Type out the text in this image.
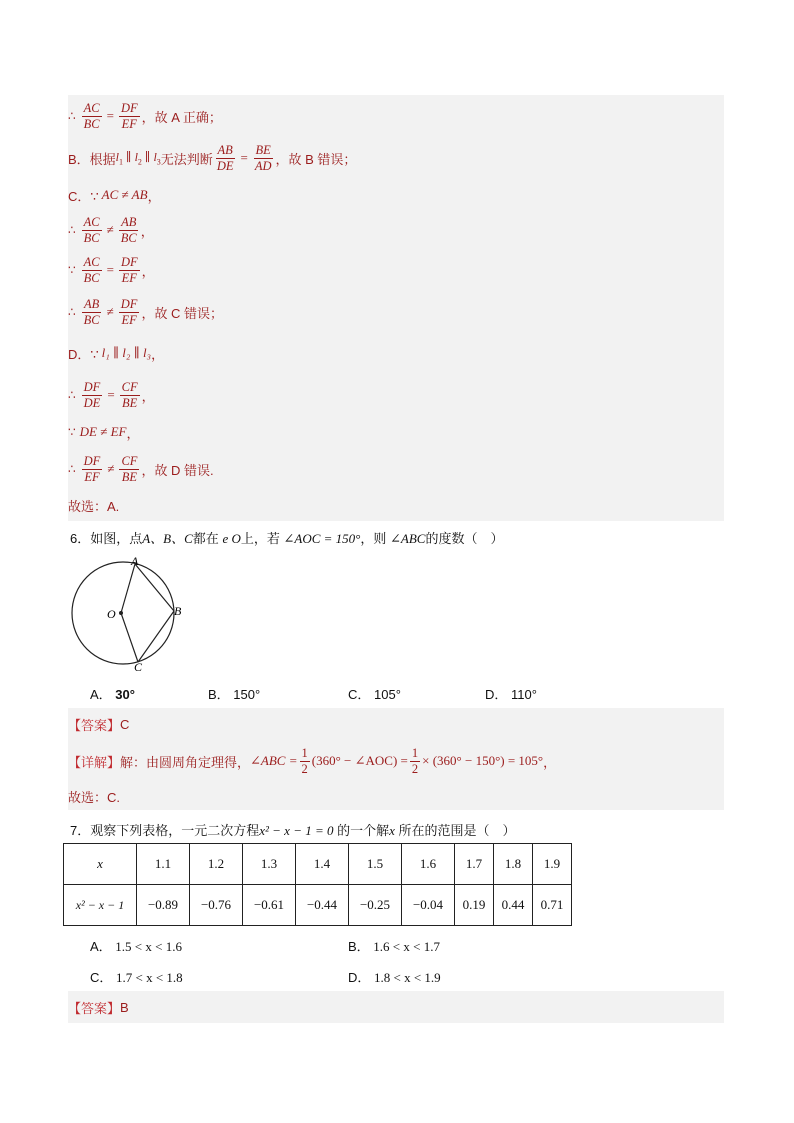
∴ $\frac{AC}{BC} = \frac{DF}{EF}$ ，故 A 正确；
B．根据 $l_1$ ∥ $l_2$ ∥ $l_3$ 无法判断 $\frac{AB}{DE} = \frac{BE}{AD}$ ，故 B 错误；
C．∵ AC ≠ AB ，
∴ $\frac{AC}{BC} \ne \frac{AB}{BC}$ ，
∵ $\frac{AC}{BC} = \frac{DF}{EF}$ ，
∴ $\frac{AB}{BC} \ne \frac{DF}{EF}$ ，故 C 错误；
D．∵ l₁ ∥ l₂ ∥ l₃ ，
∴ $\frac{DF}{DE} = \frac{CF}{BE}$ ，
∵ DE ≠ EF ，
∴ $\frac{DF}{EF} \ne \frac{CF}{BE}$ ，故 D 错误.
故选：A.
6．如图，点A、B、C都在 e O上，若 ∠AOC = 150°，则 ∠ABC的度数（　）
A
B
C
O
A． 30°	B． 150°	C． 105°	D． 110°
【答案】 C
【详解】 解：由圆周角定理得， ∠ABC = $\frac{1}{2} (360^\circ$ − ∠AOC) = $\frac{1}{2} \times (360^\circ - 150^\circ) = 105^\circ$ ，
故选：C.
7．观察下列表格，一元二次方程x² − x − 1 = 0 的一个解x 所在的范围是（　）
x	1.1	1.2	1.3	1.4	1.5	1.6	1.7	1.8	1.9
x² − x − 1	−0.89	−0.76	−0.61	−0.44	−0.25	−0.04	0.19	0.44	0.71
A． 1.5 < x < 1.6	B． 1.6 < x < 1.7
C． 1.7 < x < 1.8	D． 1.8 < x < 1.9
【答案】 B
